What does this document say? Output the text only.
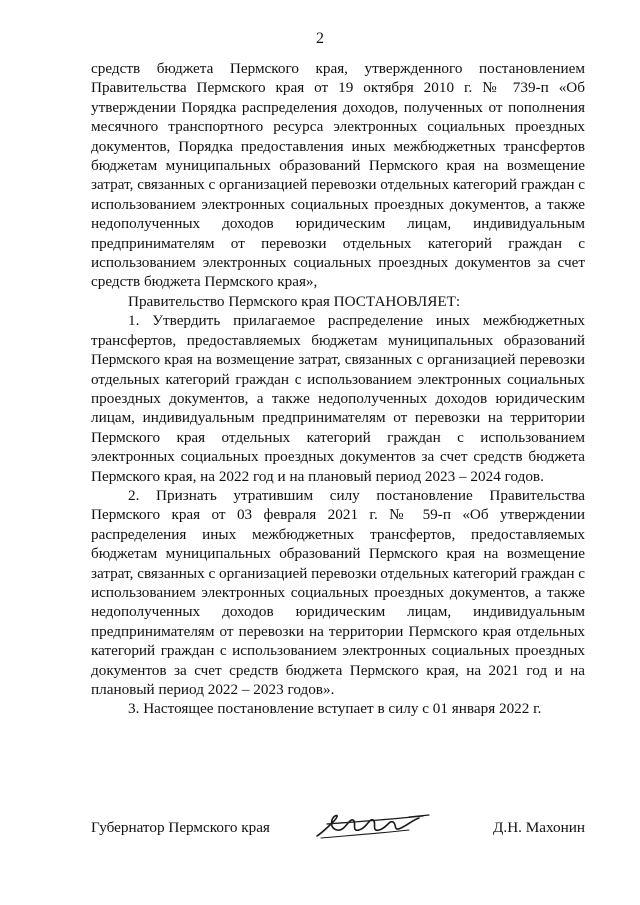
2

средств бюджета Пермского края, утвержденного постановлением Правительства Пермского края от 19 октября 2010 г. № 739-п «Об утверждении Порядка распределения доходов, полученных от пополнения месячного транспортного ресурса электронных социальных проездных документов, Порядка предоставления иных межбюджетных трансфертов бюджетам муниципальных образований Пермского края на возмещение затрат, связанных с организацией перевозки отдельных категорий граждан с использованием электронных социальных проездных документов, а также недополученных доходов юридическим лицам, индивидуальным предпринимателям от перевозки отдельных категорий граждан с использованием электронных социальных проездных документов за счет средств бюджета Пермского края»,

Правительство Пермского края ПОСТАНОВЛЯЕТ:

1. Утвердить прилагаемое распределение иных межбюджетных трансфертов, предоставляемых бюджетам муниципальных образований Пермского края на возмещение затрат, связанных с организацией перевозки отдельных категорий граждан с использованием электронных социальных проездных документов, а также недополученных доходов юридическим лицам, индивидуальным предпринимателям от перевозки на территории Пермского края отдельных категорий граждан с использованием электронных социальных проездных документов за счет средств бюджета Пермского края, на 2022 год и на плановый период 2023 – 2024 годов.

2. Признать утратившим силу постановление Правительства Пермского края от 03 февраля 2021 г. № 59-п «Об утверждении распределения иных межбюджетных трансфертов, предоставляемых бюджетам муниципальных образований Пермского края на возмещение затрат, связанных с организацией перевозки отдельных категорий граждан с использованием электронных социальных проездных документов, а также недополученных доходов юридическим лицам, индивидуальным предпринимателям от перевозки на территории Пермского края отдельных категорий граждан с использованием электронных социальных проездных документов за счет средств бюджета Пермского края, на 2021 год и на плановый период 2022 – 2023 годов».

3. Настоящее постановление вступает в силу с 01 января 2022 г.

Губернатор Пермского края	Д.Н. Махонин
